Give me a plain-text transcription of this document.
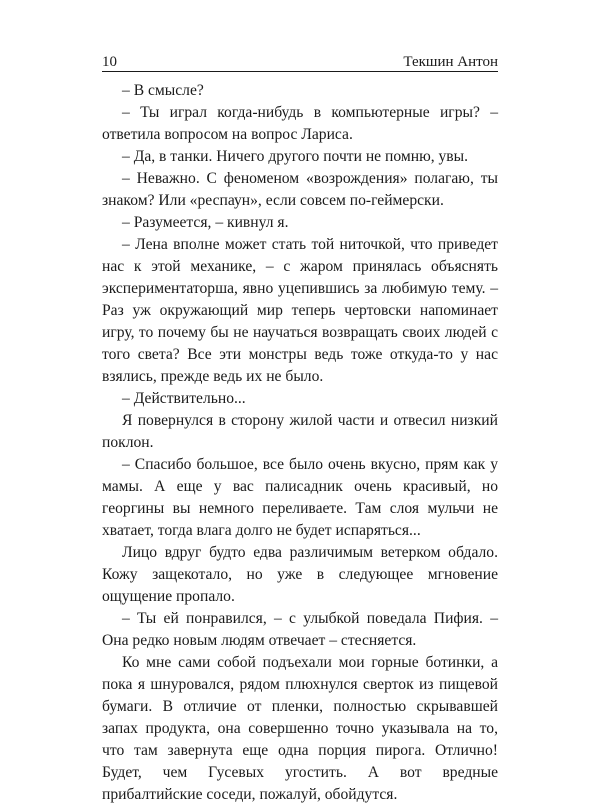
10	Текшин Антон

– В смысле?

– Ты играл когда-нибудь в компьютерные игры? – ответила вопросом на вопрос Лариса.

– Да, в танки. Ничего другого почти не помню, увы.

– Неважно. С феноменом «возрождения» полагаю, ты знаком? Или «респаун», если совсем по-геймерски.

– Разумеется, – кивнул я.

– Лена вполне может стать той ниточкой, что приведет нас к этой механике, – с жаром принялась объяснять экспериментаторша, явно уцепившись за любимую тему. – Раз уж окружающий мир теперь чертовски напоминает игру, то почему бы не научаться возвращать своих людей с того света? Все эти монстры ведь тоже откуда-то у нас взялись, прежде ведь их не было.

– Действительно...

Я повернулся в сторону жилой части и отвесил низкий поклон.

– Спасибо большое, все было очень вкусно, прям как у мамы. А еще у вас палисадник очень красивый, но георгины вы немного переливаете. Там слоя мульчи не хватает, тогда влага долго не будет испаряться...

Лицо вдруг будто едва различимым ветерком обдало. Кожу защекотало, но уже в следующее мгновение ощущение пропало.

– Ты ей понравился, – с улыбкой поведала Пифия. – Она редко новым людям отвечает – стесняется.

Ко мне сами собой подъехали мои горные ботинки, а пока я шнуровался, рядом плюхнулся сверток из пищевой бумаги. В отличие от пленки, полностью скрывавшей запах продукта, она совершенно точно указывала на то, что там завернута еще одна порция пирога. Отлично! Будет, чем Гусевых угостить. А вот вредные прибалтийские соседи, пожалуй, обойдутся.
